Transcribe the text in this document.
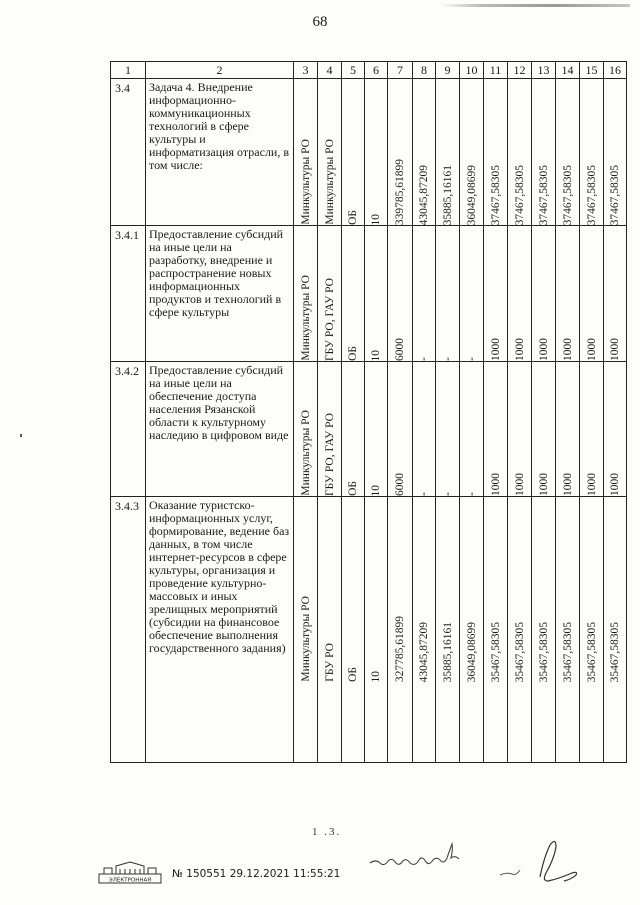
68
1	2	3	4	5	6	7	8	9	10	11	12	13	14	15	16
3.4	Задача 4. Внедрение информационно-коммуникационных технологий в сфере культуры и информатизация отрасли, в том числе:	Минкультуры РО	Минкультуры РО	ОБ	10	339785,61899	43045,87209	35885,16161	36049,08699	37467,58305	37467,58305	37467,58305	37467,58305	37467,58305	37467,58305

3.4.1	Предоставление субсидий на иные цели на разработку, внедрение и распространение новых информационных продуктов и технологий в сфере культуры	Минкультуры РО	ГБУ РО, ГАУ РО	ОБ	10	6000	-	-	-	1000	1000	1000	1000	1000	1000

3.4.2	Предоставление субсидий на иные цели на обеспечение доступа населения Рязанской области к культурному наследию в цифровом виде	Минкультуры РО	ГБУ РО, ГАУ РО	ОБ	10	6000	-	-	-	1000	1000	1000	1000	1000	1000

3.4.3	Оказание туристско-информационных услуг, формирование, ведение баз данных, в том числе интернет-ресурсов в сфере культуры, организация и проведение культурно-массовых и иных зрелищных мероприятий (субсидии на финансовое обеспечение выполнения государственного задания)	Минкультуры РО	ГБУ РО	ОБ	10	327785,61899	43045,87209	35885,16161	36049,08699	35467,58305	35467,58305	35467,58305	35467,58305	35467,58305	35467,58305
1 .3.
ЭЛЕКТРОННАЯ
№ 150551 29.12.2021 11:55:21
